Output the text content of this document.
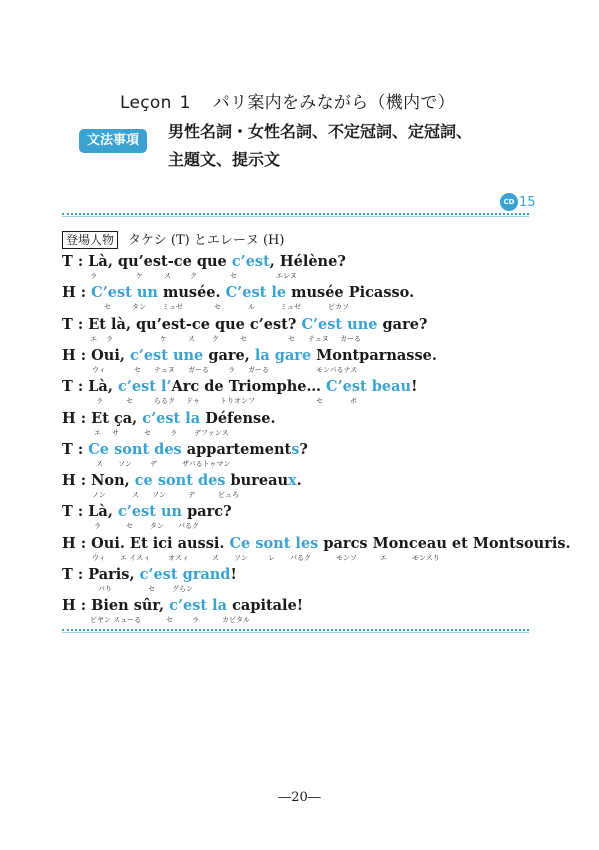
Leçon 1 パリ案内をみながら（機内で）
文法事項	男性名詞・女性名詞、不定冠詞、定冠詞、
主題文、提示文
CD 15
登場人物 タケシ (T) とエレーヌ (H)
T : Là, qu’est-ce que c’est, Hélène?
ラ	ケ	ス	ク	セ	エレヌ
H : C’est un musée. C’est le musée Picasso.
セ	タン ミュゼ	セ	ル	ミュゼ	ピカソ
T : Et là, qu’est-ce que c’est? C’est une gare?
エ ラ	ケ	ス ク	セ	セ テュヌ ガーる
H : Oui, c’est une gare, la gare Montparnasse.
ウィ	セ テュヌ ガーる	ラ ガーる	モンパるナス
T : Là, c’est l’Arc de Triomphe… C’est beau!
ラ	セ	らるク ドゥ	トりオンフ	セ	ボ
H : Et ça, c’est la Défense.
エ サ	セ	ラ デファンス
T : Ce sont des appartements?
ス ソン	デ	ザパるトゥマン
H : Non, ce sont des bureaux.
ノン	ス ソン	デ	ビュろ
T : Là, c’est un parc?
ラ	セ タン パるク
H : Oui. Et ici aussi. Ce sont les parcs Monceau et Montsouris.
ウィ エ イスィ	オスィ	ス ソン	レ パるク	モンソ	エ	モンスり
T : Paris, c’est grand!
パり	セ グらン
H : Bien sûr, c’est la capitale!
ビヤン スューる	セ	ラ	カピタル
―20―
